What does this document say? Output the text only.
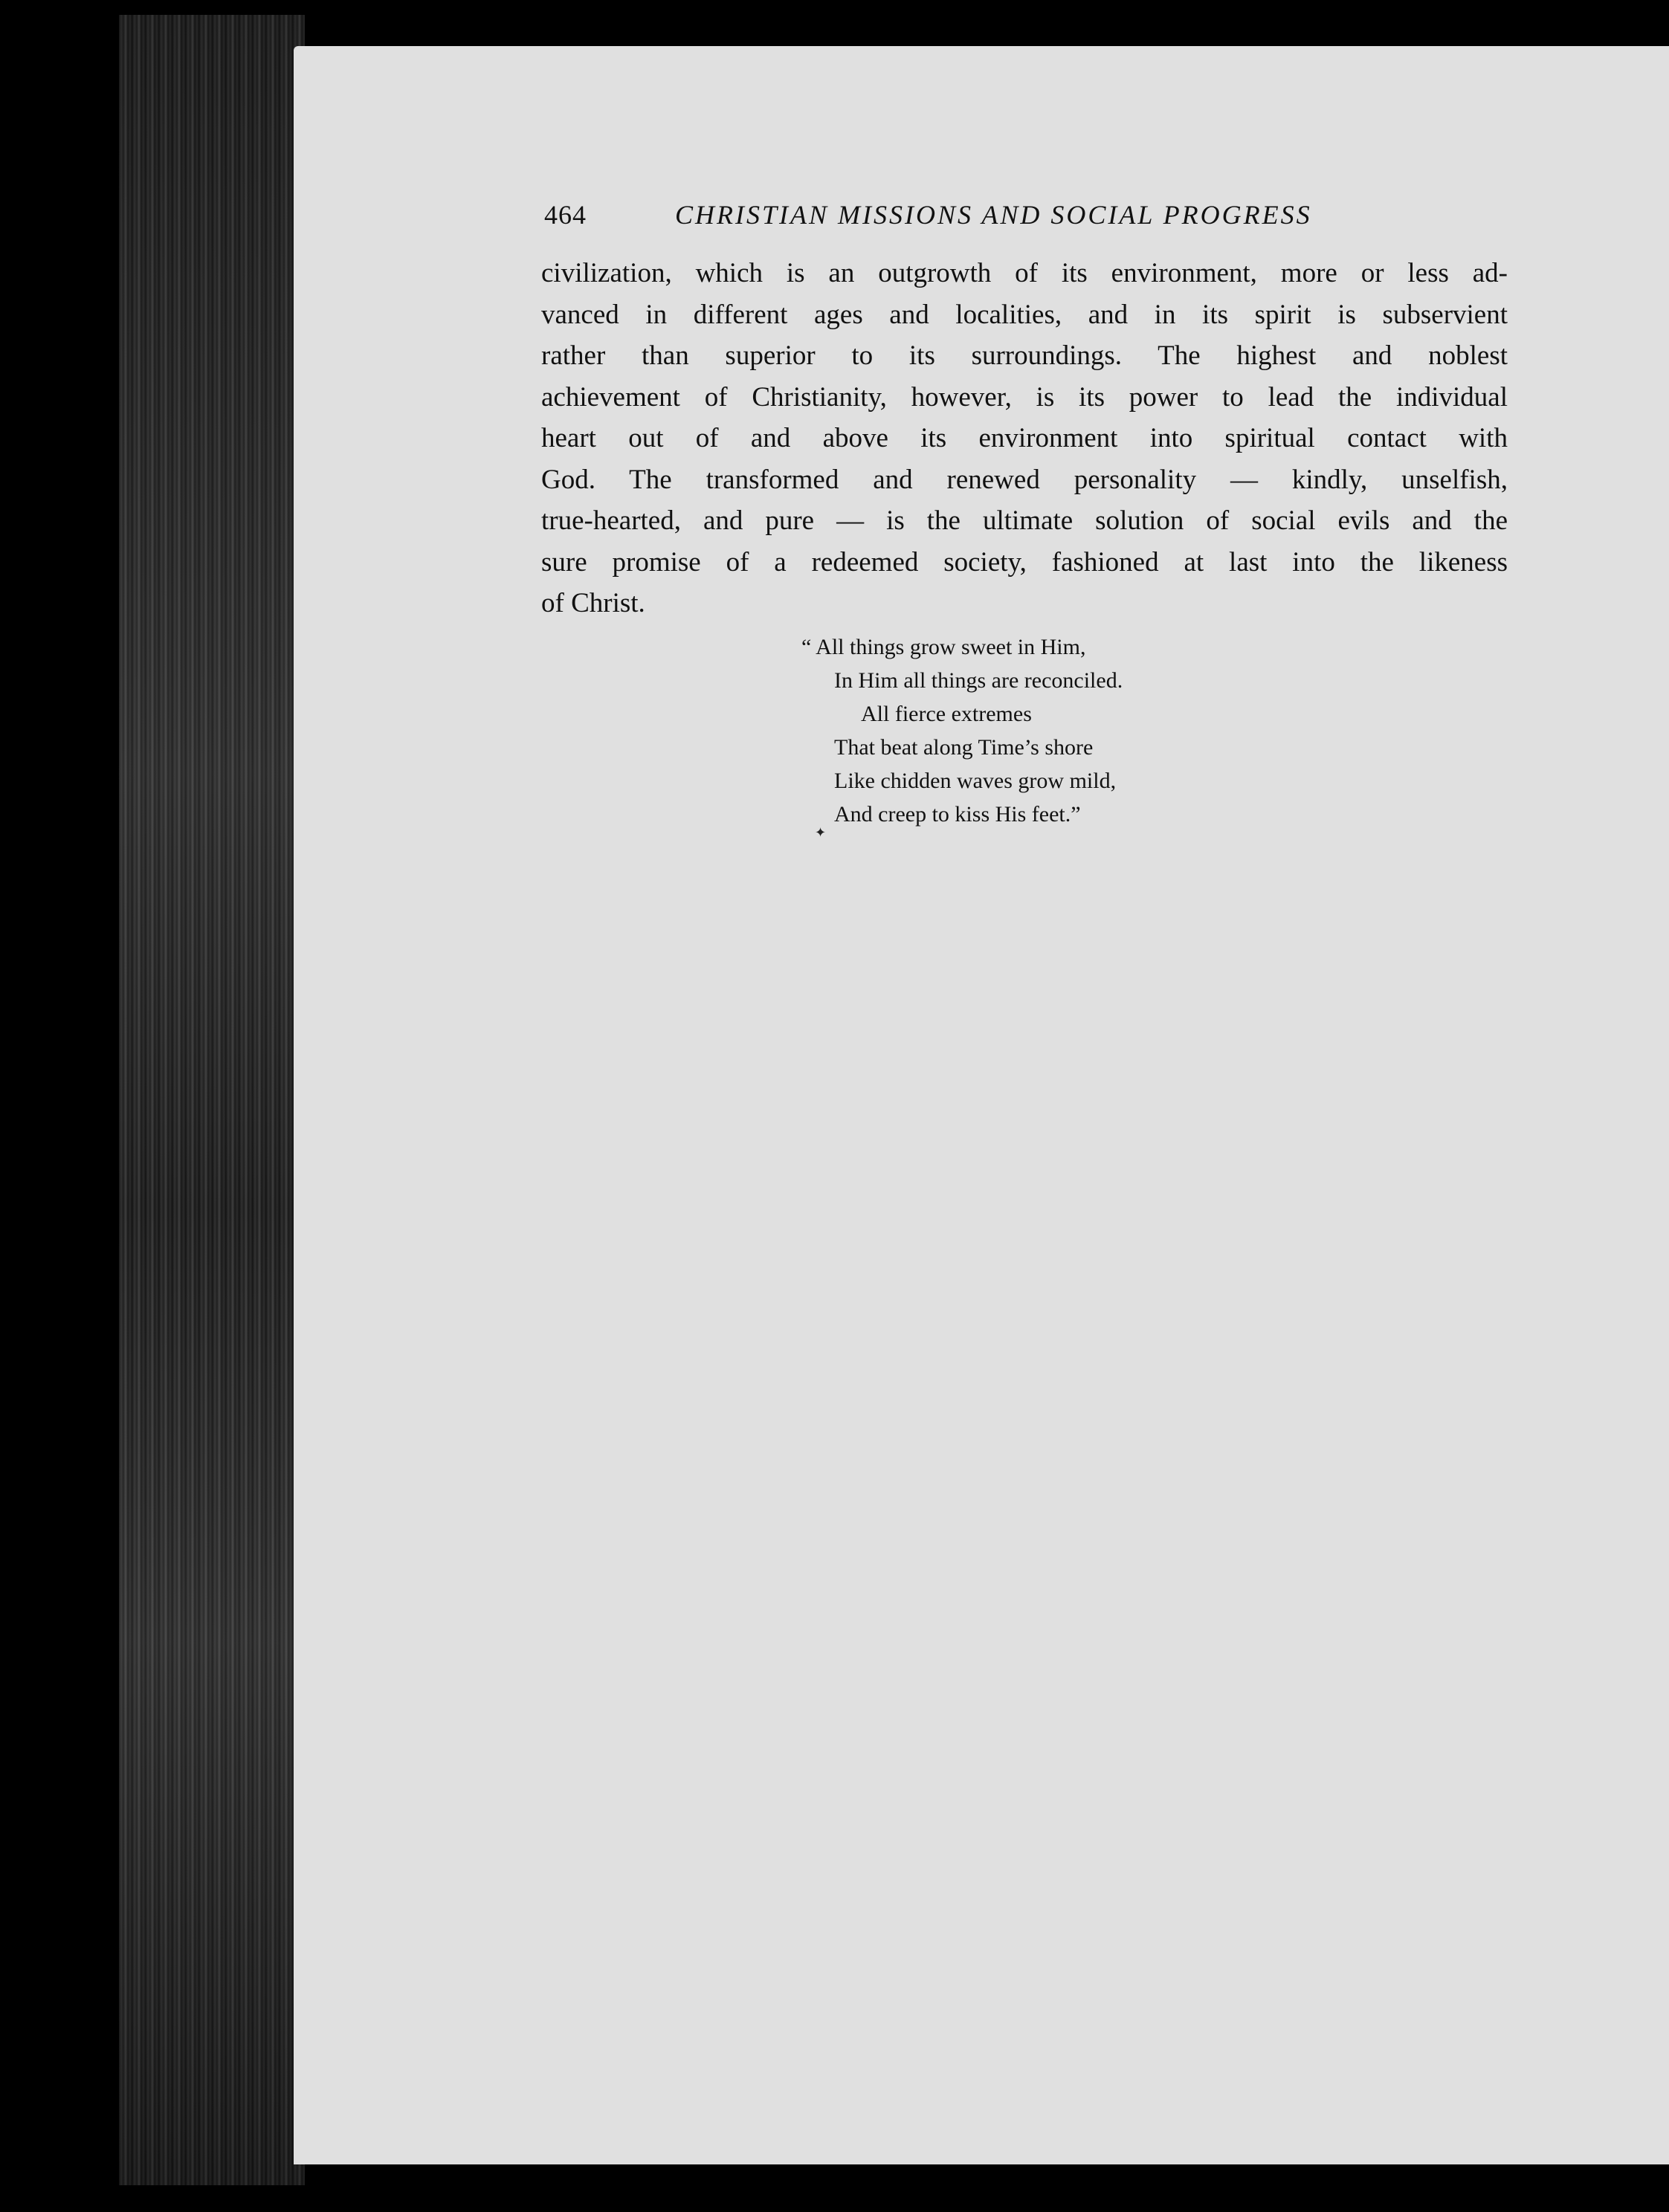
464	CHRISTIAN MISSIONS AND SOCIAL PROGRESS
civilization, which is an outgrowth of its environment, more or less ad-
vanced in different ages and localities, and in its spirit is subservient
rather than superior to its surroundings. The highest and noblest
achievement of Christianity, however, is its power to lead the individual
heart out of and above its environment into spiritual contact with
God. The transformed and renewed personality — kindly, unselfish,
true-hearted, and pure — is the ultimate solution of social evils and the
sure promise of a redeemed society, fashioned at last into the likeness
of Christ.
“ All things grow sweet in Him,
In Him all things are reconciled.
All fierce extremes
That beat along Time’s shore
Like chidden waves grow mild,
And creep to kiss His feet.”
✦
